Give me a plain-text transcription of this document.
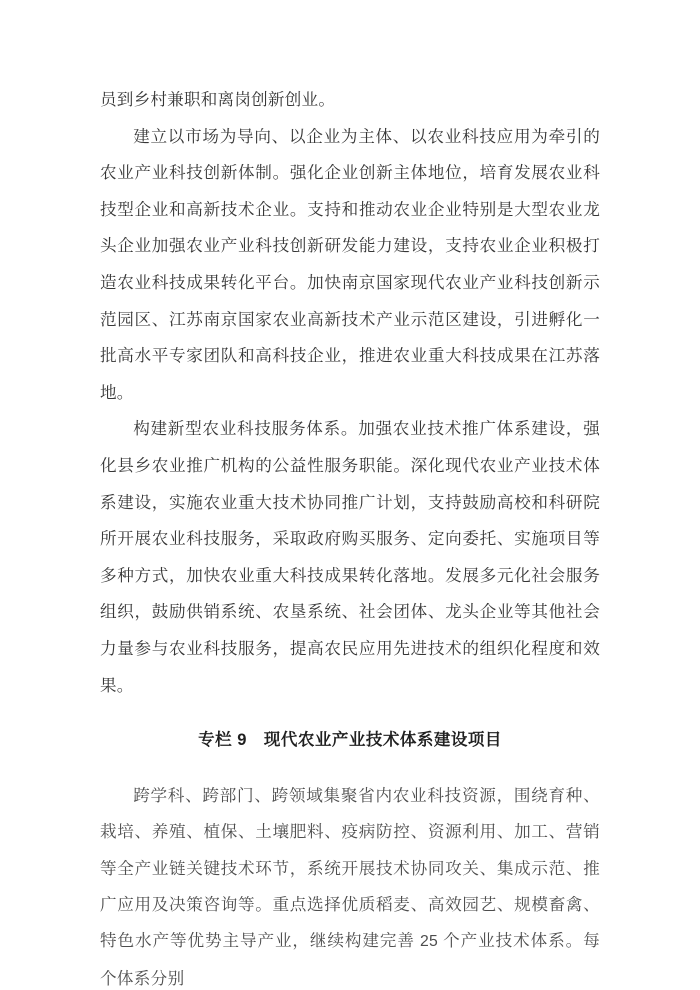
员到乡村兼职和离岗创新创业。

建立以市场为导向、以企业为主体、以农业科技应用为牵引的农业产业科技创新体制。强化企业创新主体地位，培育发展农业科技型企业和高新技术企业。支持和推动农业企业特别是大型农业龙头企业加强农业产业科技创新研发能力建设，支持农业企业积极打造农业科技成果转化平台。加快南京国家现代农业产业科技创新示范园区、江苏南京国家农业高新技术产业示范区建设，引进孵化一批高水平专家团队和高科技企业，推进农业重大科技成果在江苏落地。

构建新型农业科技服务体系。加强农业技术推广体系建设，强化县乡农业推广机构的公益性服务职能。深化现代农业产业技术体系建设，实施农业重大技术协同推广计划，支持鼓励高校和科研院所开展农业科技服务，采取政府购买服务、定向委托、实施项目等多种方式，加快农业重大科技成果转化落地。发展多元化社会服务组织，鼓励供销系统、农垦系统、社会团体、龙头企业等其他社会力量参与农业科技服务，提高农民应用先进技术的组织化程度和效果。

专栏 9　现代农业产业技术体系建设项目

跨学科、跨部门、跨领域集聚省内农业科技资源，围绕育种、栽培、养殖、植保、土壤肥料、疫病防控、资源利用、加工、营销等全产业链关键技术环节，系统开展技术协同攻关、集成示范、推广应用及决策咨询等。重点选择优质稻麦、高效园艺、规模畜禽、特色水产等优势主导产业，继续构建完善 25 个产业技术体系。每个体系分别
